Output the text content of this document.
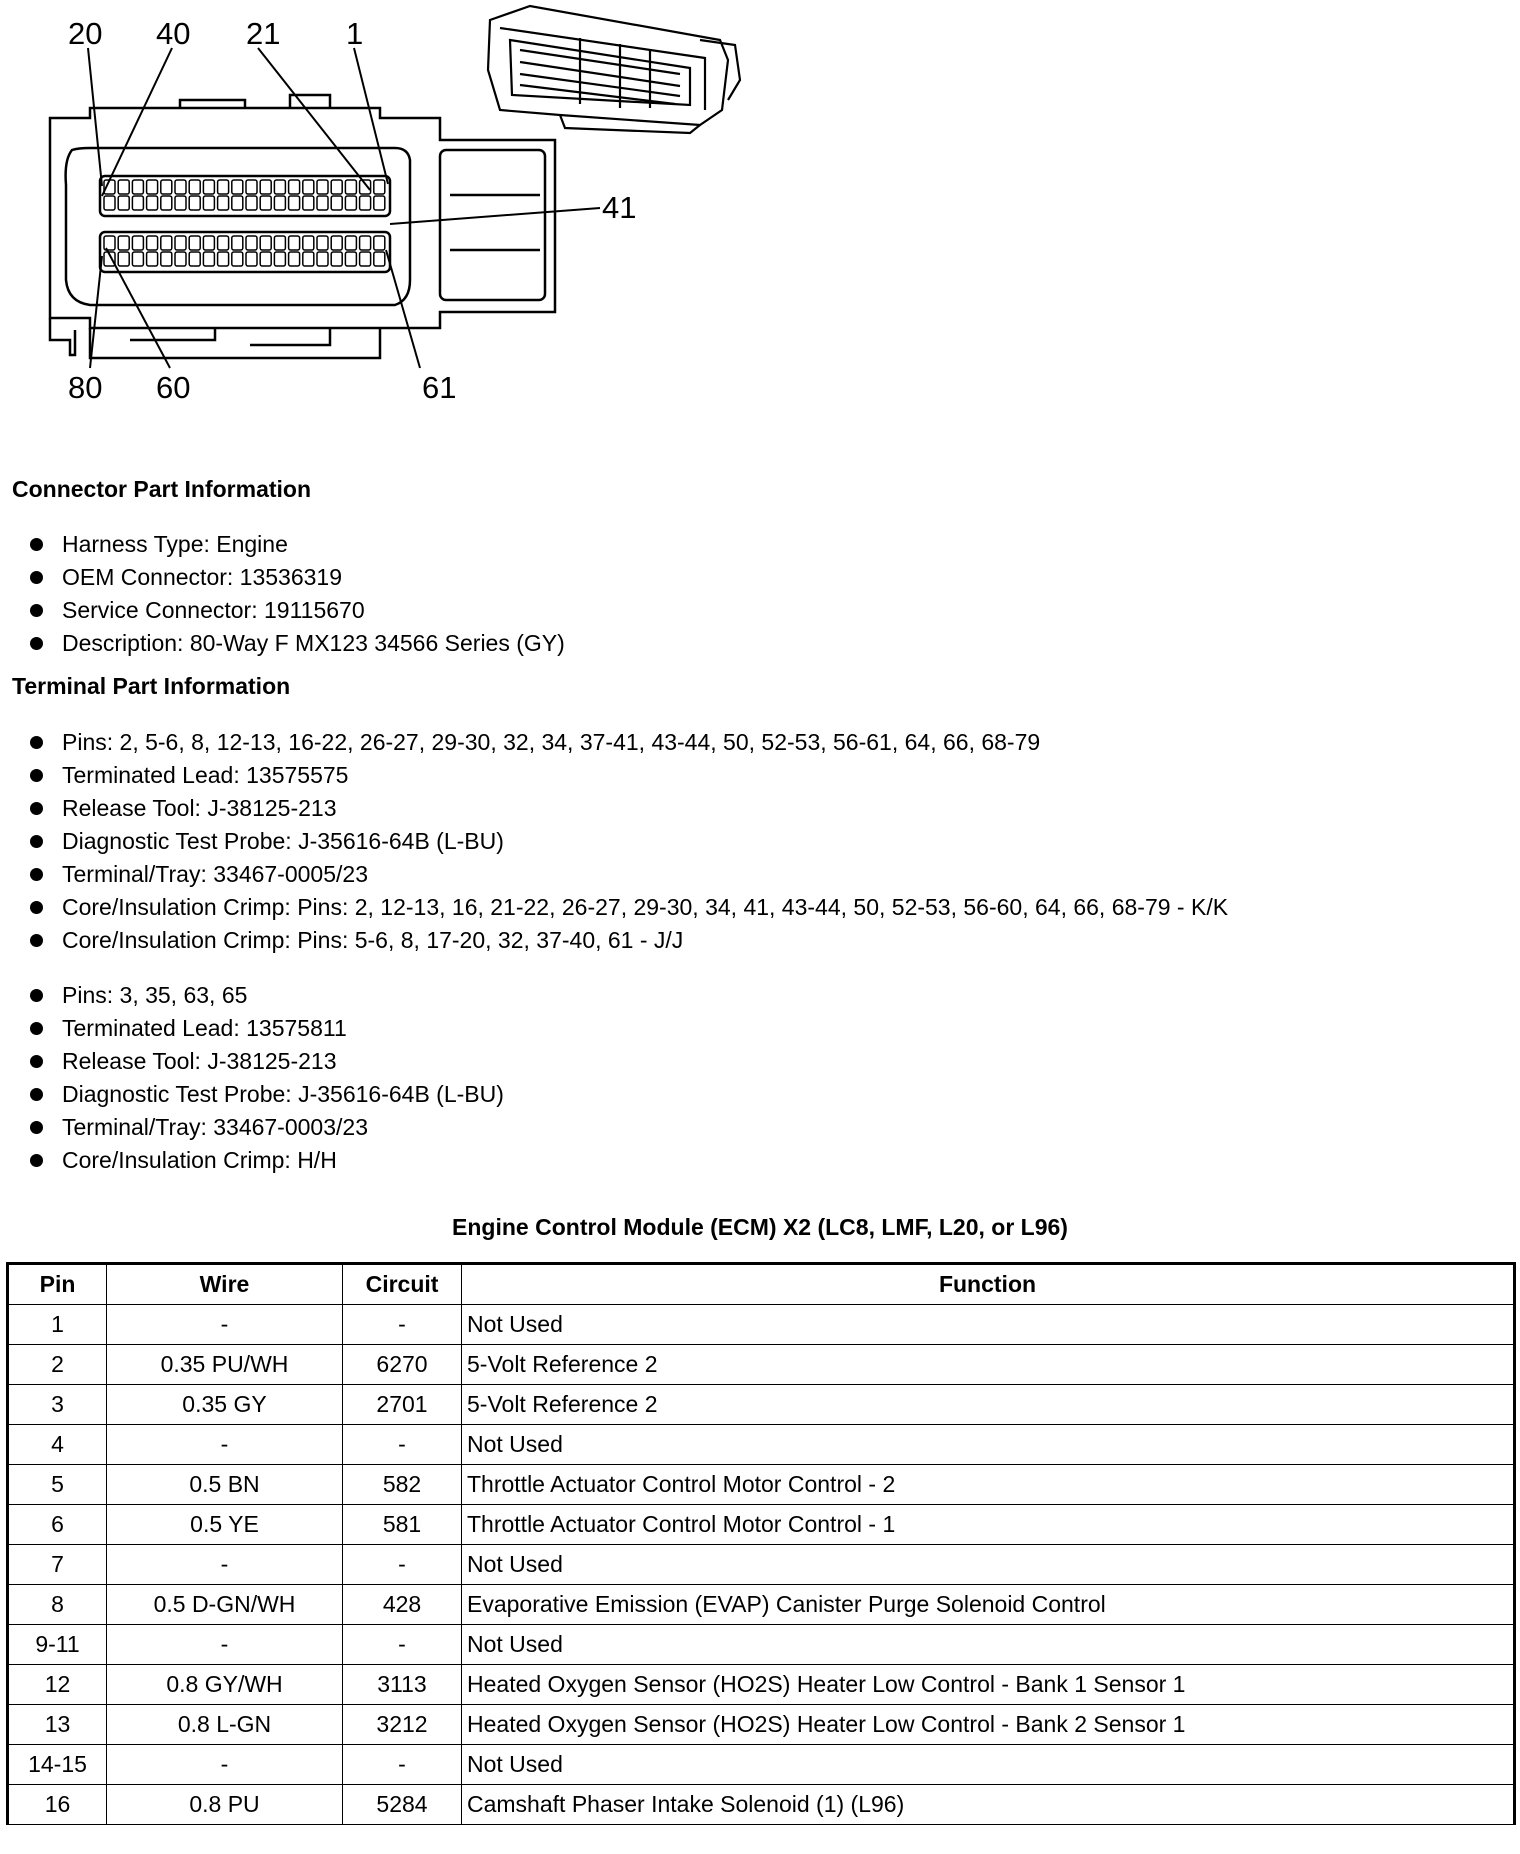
20 40 21 1
41
80 60	61
Connector Part Information
Harness Type: Engine
OEM Connector: 13536319
Service Connector: 19115670
Description: 80-Way F MX123 34566 Series (GY)
Terminal Part Information
Pins: 2, 5-6, 8, 12-13, 16-22, 26-27, 29-30, 32, 34, 37-41, 43-44, 50, 52-53, 56-61, 64, 66, 68-79
Terminated Lead: 13575575
Release Tool: J-38125-213
Diagnostic Test Probe: J-35616-64B (L-BU)
Terminal/Tray: 33467-0005/23
Core/Insulation Crimp: Pins: 2, 12-13, 16, 21-22, 26-27, 29-30, 34, 41, 43-44, 50, 52-53, 56-60, 64, 66, 68-79 - K/K
Core/Insulation Crimp: Pins: 5-6, 8, 17-20, 32, 37-40, 61 - J/J
Pins: 3, 35, 63, 65
Terminated Lead: 13575811
Release Tool: J-38125-213
Diagnostic Test Probe: J-35616-64B (L-BU)
Terminal/Tray: 33467-0003/23
Core/Insulation Crimp: H/H
Engine Control Module (ECM) X2 (LC8, LMF, L20, or L96)
Pin	Wire	Circuit	Function
1	-	-	Not Used
2	0.35 PU/WH	6270	5-Volt Reference 2
3	0.35 GY	2701	5-Volt Reference 2
4	-	-	Not Used
5	0.5 BN	582	Throttle Actuator Control Motor Control - 2
6	0.5 YE	581	Throttle Actuator Control Motor Control - 1
7	-	-	Not Used
8	0.5 D-GN/WH	428	Evaporative Emission (EVAP) Canister Purge Solenoid Control
9-11	-	-	Not Used
12	0.8 GY/WH	3113	Heated Oxygen Sensor (HO2S) Heater Low Control - Bank 1 Sensor 1
13	0.8 L-GN	3212	Heated Oxygen Sensor (HO2S) Heater Low Control - Bank 2 Sensor 1
14-15	-	-	Not Used
16	0.8 PU	5284	Camshaft Phaser Intake Solenoid (1) (L96)
